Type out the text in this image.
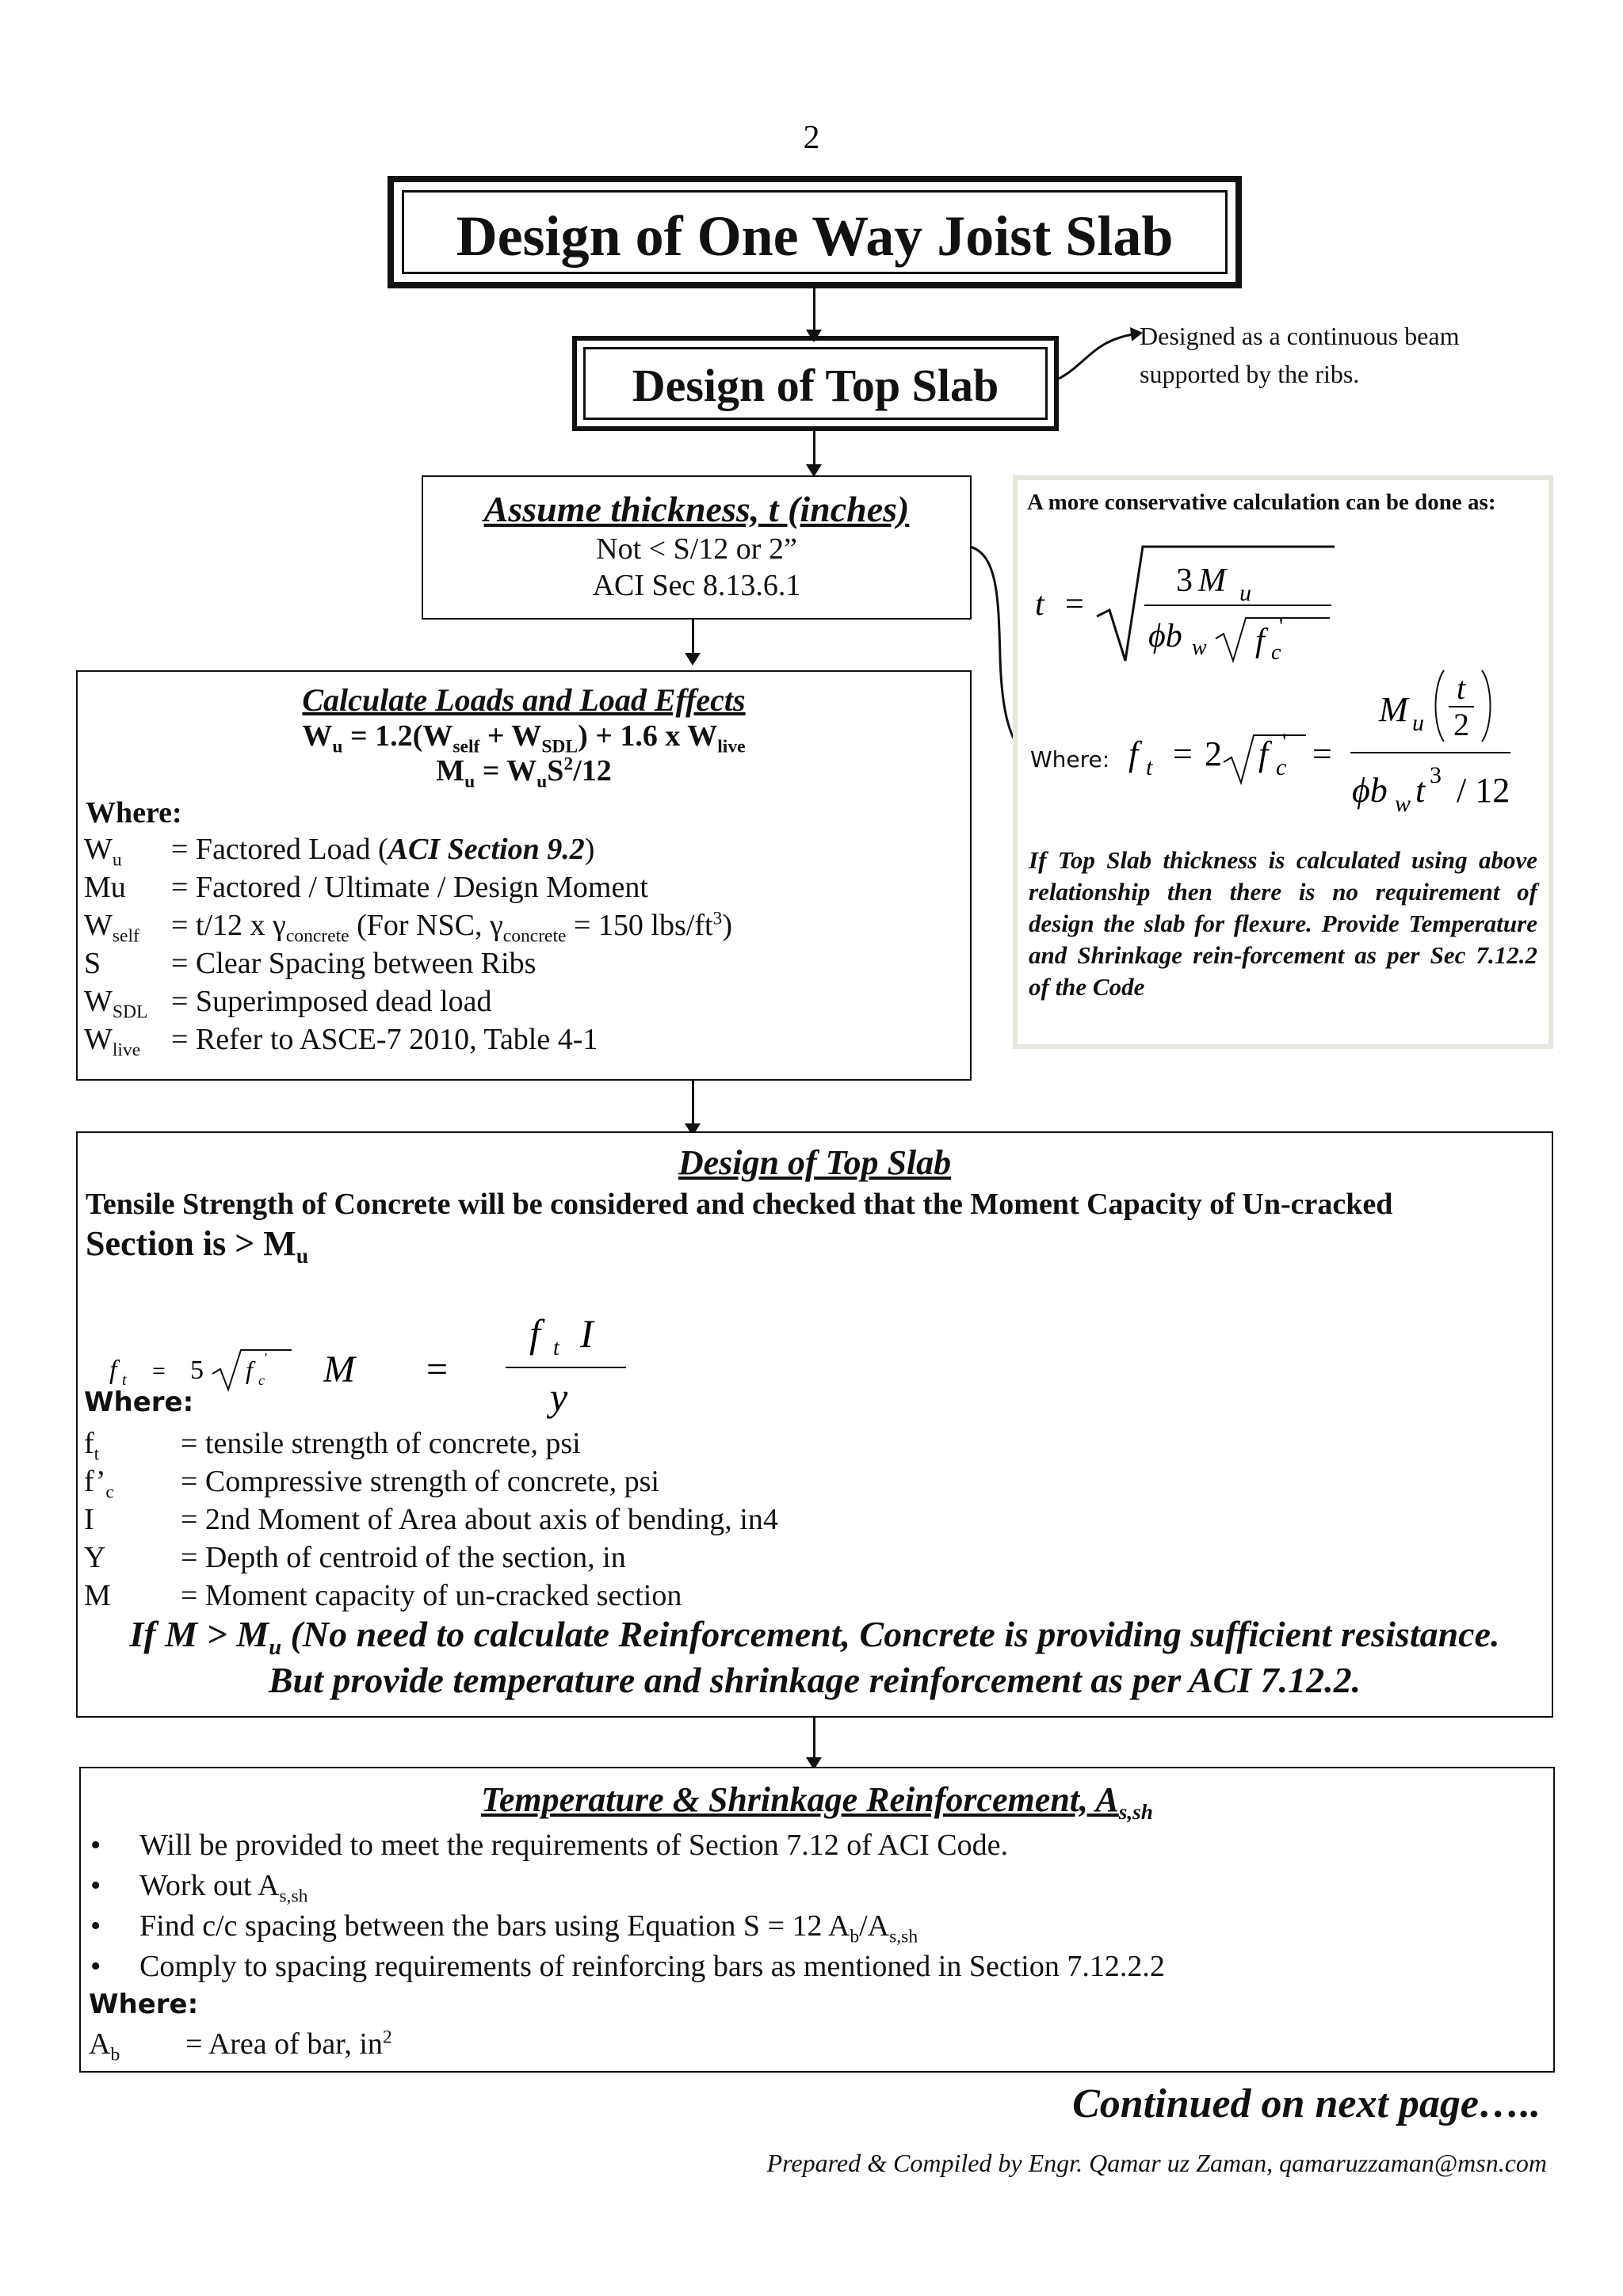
2
Design of One Way Joist Slab
Design of Top Slab
Designed as a continuous beam
supported by the ribs.
Assume thickness, t (inches)
Not < S/12 or 2”
ACI Sec 8.13.6.1
A more conservative calculation can be done as:
t =
3 M u
ϕb w f c
'
Where: f t = 2 f c
' =
M u
t
2
ϕb w t 3 / 12
If Top Slab thickness is calculated using above relationship then there is no requirement of design the slab for flexure. Provide Temperature and Shrinkage rein-forcement as per Sec 7.12.2 of the Code
Calculate Loads and Load Effects
$W_u = 1.2(W_{self} + W_{SDL}) + 1.6$ x $W_{live}$
$M_u = W_uS^2/12$
Where:
$W_u$ = Factored Load (ACI Section 9.2)
Mu = Factored / Ultimate / Design Moment
$W_{self} = t/12$ x $\gamma_{concrete}$ (For NSC, $\gamma_{concrete} = 150$ lbs/$ft^3$)
S = Clear Spacing between Ribs
$W_{SDL}$ = Superimposed dead load
$W_{live}$ = Refer to ASCE-7 2010, Table 4-1
Design of Top Slab
Tensile Strength of Concrete will be considered and checked that the Moment Capacity of Un-cracked
Section is > $M_u$
f t = 5 f c
' M =
f t I
y
Where:
$f_t$	= tensile strength of concrete, psi
$f’_c$ = Compressive strength of concrete, psi
I	= 2nd Moment of Area about axis of bending, in4
Y = Depth of centroid of the section, in
M = Moment capacity of un-cracked section
If $M > M_u$ (No need to calculate Reinforcement, Concrete is providing sufficient resistance.
But provide temperature and shrinkage reinforcement as per ACI 7.12.2.
Temperature & Shrinkage Reinforcement, $A_{s,sh}$
• Will be provided to meet the requirements of Section 7.12 of ACI Code.
• Work out $A_{s,sh}$
• Find c/c spacing between the bars using Equation S = 12 $A_b/A_{s,sh}$
• Comply to spacing requirements of reinforcing bars as mentioned in Section 7.12.2.2
Where:
$A_b$ = Area of bar, $in^2$
Continued on next page…..
Prepared & Compiled by Engr. Qamar uz Zaman, qamaruzzaman@msn.com
